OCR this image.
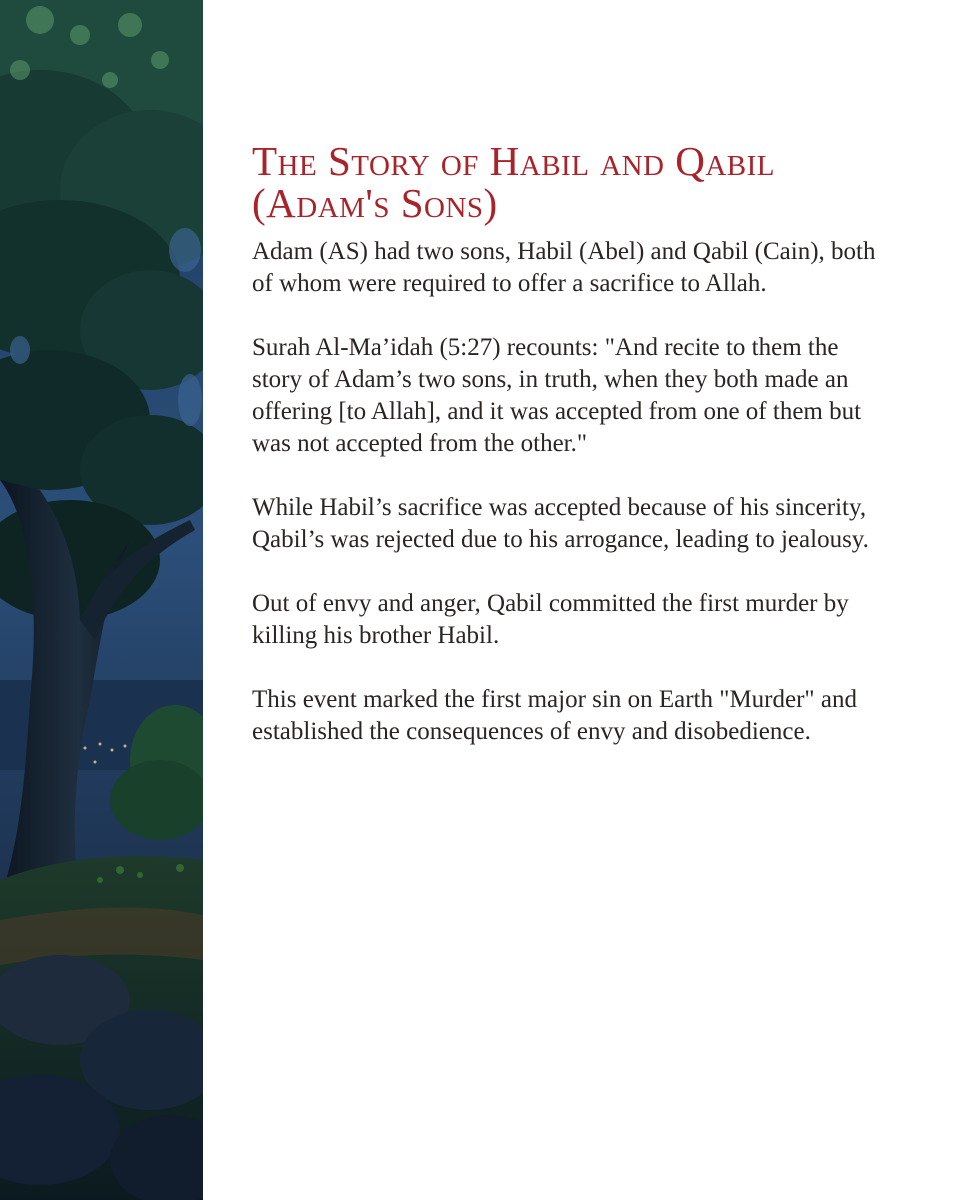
The Story of Habil and Qabil
(Adam's Sons)

Adam (AS) had two sons, Habil (Abel) and Qabil (Cain), both of whom were required to offer a sacrifice to Allah.

Surah Al-Ma’idah (5:27) recounts: "And recite to them the story of Adam’s two sons, in truth, when they both made an offering [to Allah], and it was accepted from one of them but was not accepted from the other."

While Habil’s sacrifice was accepted because of his sincerity, Qabil’s was rejected due to his arrogance, leading to jealousy.

Out of envy and anger, Qabil committed the first murder by killing his brother Habil.

This event marked the first major sin on Earth "Murder" and established the consequences of envy and disobedience.
